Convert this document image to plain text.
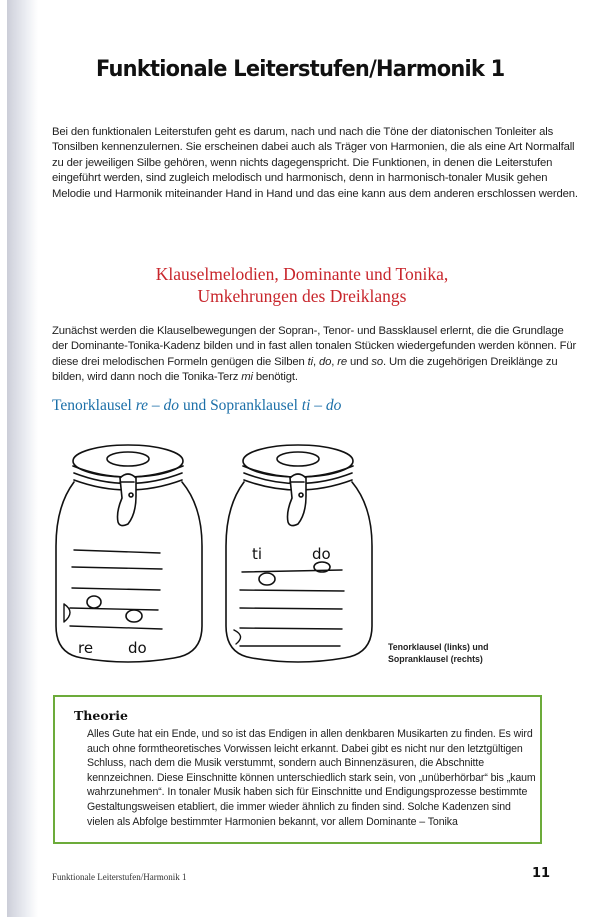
Funktionale Leiterstufen/Harmonik 1

Bei den funktionalen Leiterstufen geht es darum, nach und nach die Töne der diatonischen Tonleiter als Tonsilben kennenzulernen. Sie erscheinen dabei auch als Träger von Harmonien, die als eine Art Normalfall zu der jeweiligen Silbe gehören, wenn nichts dagegenspricht. Die Funktionen, in denen die Leiterstufen eingeführt werden, sind zugleich melodisch und harmonisch, denn in harmonisch-tonaler Musik gehen Melodie und Harmonik miteinander Hand in Hand und das eine kann aus dem anderen erschlossen werden.

Klauselmelodien, Dominante und Tonika,
Umkehrungen des Dreiklangs

Zunächst werden die Klauselbewegungen der Sopran-, Tenor- und Bassklausel erlernt, die die Grundlage der Dominante-Tonika-Kadenz bilden und in fast allen tonalen Stücken wiedergefunden werden können. Für diese drei melodischen Formeln genügen die Silben ti, do, re und so. Um die zugehörigen Dreiklänge zu bilden, wird dann noch die Tonika-Terz mi benötigt.

Tenorklausel re – do und Sopranklausel ti – do
re do
ti	do

Tenorklausel (links) und
Sopranklausel (rechts)

Theorie

Alles Gute hat ein Ende, und so ist das Endigen in allen denkbaren Musikarten zu finden. Es wird auch ohne formtheoretisches Vorwissen leicht erkannt. Dabei gibt es nicht nur den letztgültigen Schluss, nach dem die Musik verstummt, sondern auch Binnenzäsuren, die Abschnitte kennzeichnen. Diese Einschnitte können unterschiedlich stark sein, von „unüberhörbar“ bis „kaum wahrzunehmen“. In tonaler Musik haben sich für Einschnitte und Endigungsprozesse bestimmte Gestaltungsweisen etabliert, die immer wieder ähnlich zu finden sind. Solche Kadenzen sind vielen als Abfolge bestimmter Harmonien bekannt, vor allem Dominante – Tonika

Funktionale Leiterstufen/Harmonik 1	11
